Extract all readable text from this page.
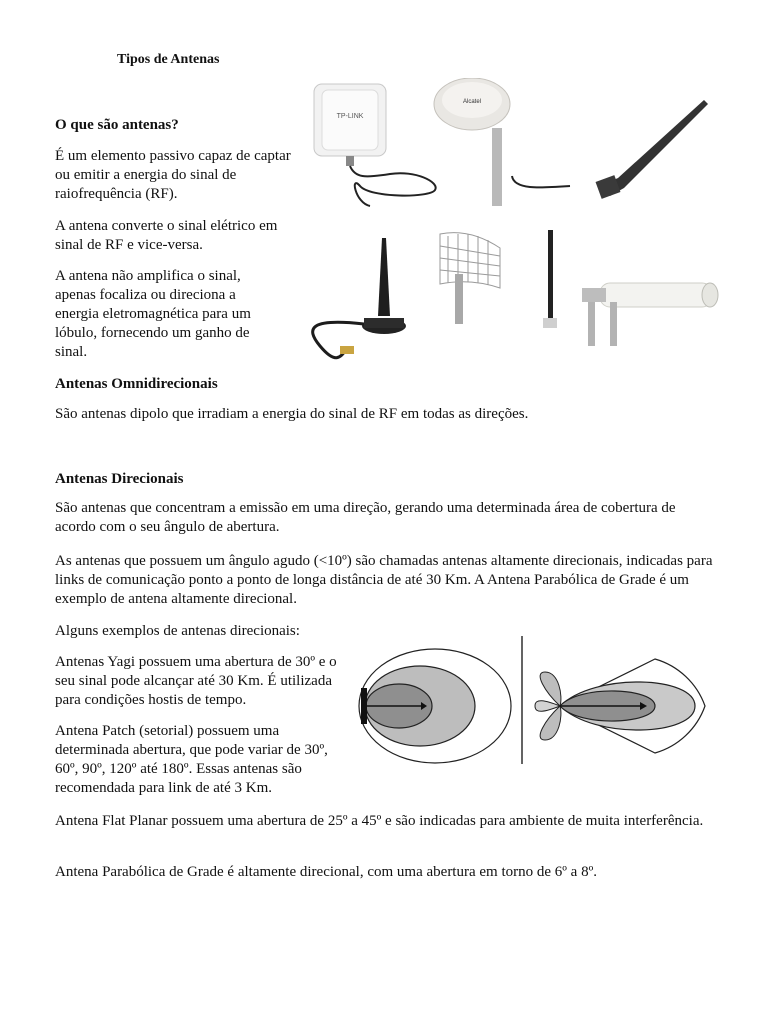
Tipos de Antenas

O que são antenas?

É um elemento passivo capaz de captar ou emitir a energia do sinal de raiofrequência (RF).

A antena converte o sinal elétrico em sinal de RF e vice-versa.

A antena não amplifica o sinal, apenas focaliza ou direciona a energia eletromagnética para um lóbulo, fornecendo um ganho de sinal.

TP-LINK
Alcatel

Antenas Omnidirecionais

São antenas dipolo que irradiam a energia do sinal de RF em todas as direções.

Antenas Direcionais

São antenas que concentram a emissão em uma direção, gerando uma determinada área de cobertura de acordo com o seu ângulo de abertura.

As antenas que possuem um ângulo agudo (<10º) são chamadas antenas altamente direcionais, indicadas para links de comunicação ponto a ponto de longa distância de até 30 Km. A Antena Parabólica de Grade é um exemplo de antena altamente direcional.

Alguns exemplos de antenas direcionais:

Antenas Yagi possuem uma abertura de 30º e o seu sinal pode alcançar até 30 Km. É utilizada para condições hostis de tempo.

Antena Patch (setorial) possuem uma determinada abertura, que pode variar de 30º, 60º, 90º, 120º até 180º. Essas antenas são recomendada para link de até 3 Km.

Antena Flat Planar possuem uma abertura de 25º a 45º e são indicadas para ambiente de muita interferência.

Antena Parabólica de Grade é altamente direcional, com uma abertura em torno de 6º a 8º.
